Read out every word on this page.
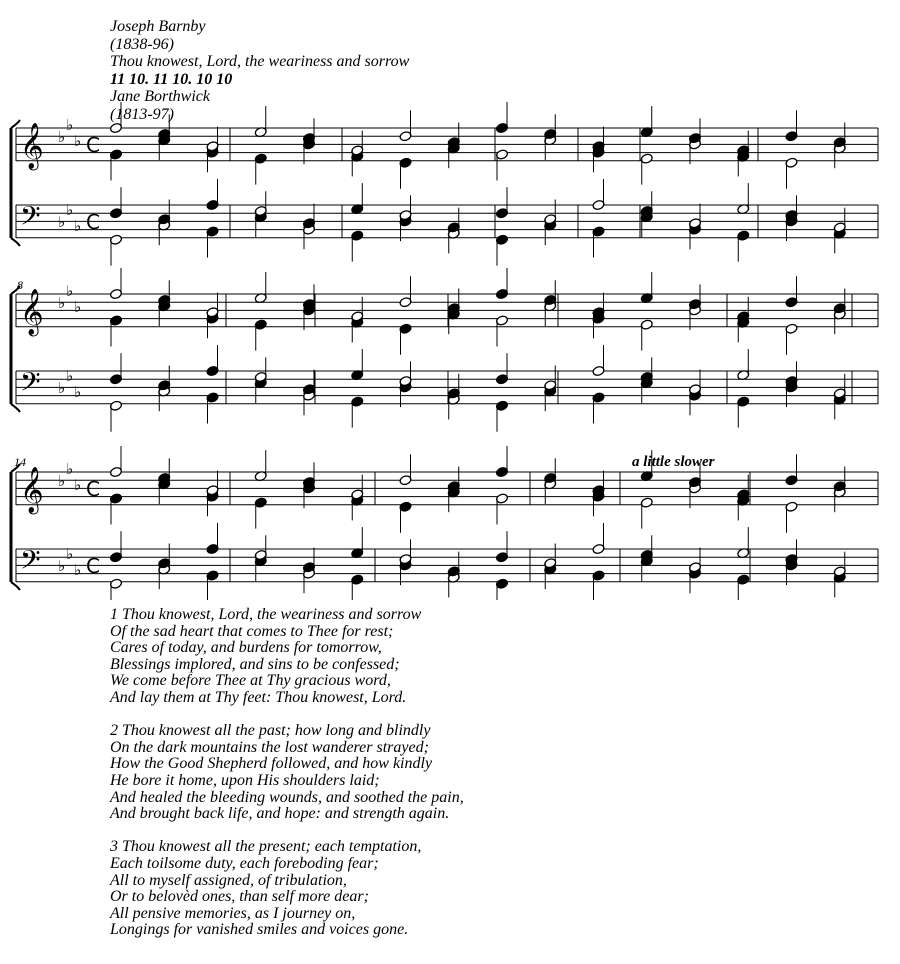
Joseph Barnby
(1838-96)
Thou knowest, Lord, the weariness and sorrow
11 10. 11 10. 10 10
Jane Borthwick
(1813-97)
𝄞 ♭
♭
♭ C
𝄢 ♭
♭
♭ C
𝄞 ♭
♭
♭
𝄢 ♭
♭
♭
𝄞 ♭
♭
♭ C
𝄢 ♭
♭
♭ C
8
14	a little slower
1 Thou knowest, Lord, the weariness and sorrow
Of the sad heart that comes to Thee for rest;
Cares of today, and burdens for tomorrow,
Blessings implored, and sins to be confessed;
We come before Thee at Thy gracious word,
And lay them at Thy feet: Thou knowest, Lord.
2 Thou knowest all the past; how long and blindly
On the dark mountains the lost wanderer strayed;
How the Good Shepherd followed, and how kindly
He bore it home, upon His shoulders laid;
And healed the bleeding wounds, and soothed the pain,
And brought back life, and hope: and strength again.
3 Thou knowest all the present; each temptation,
Each toilsome duty, each foreboding fear;
All to myself assigned, of tribulation,
Or to belovèd ones, than self more dear;
All pensive memories, as I journey on,
Longings for vanished smiles and voices gone.
